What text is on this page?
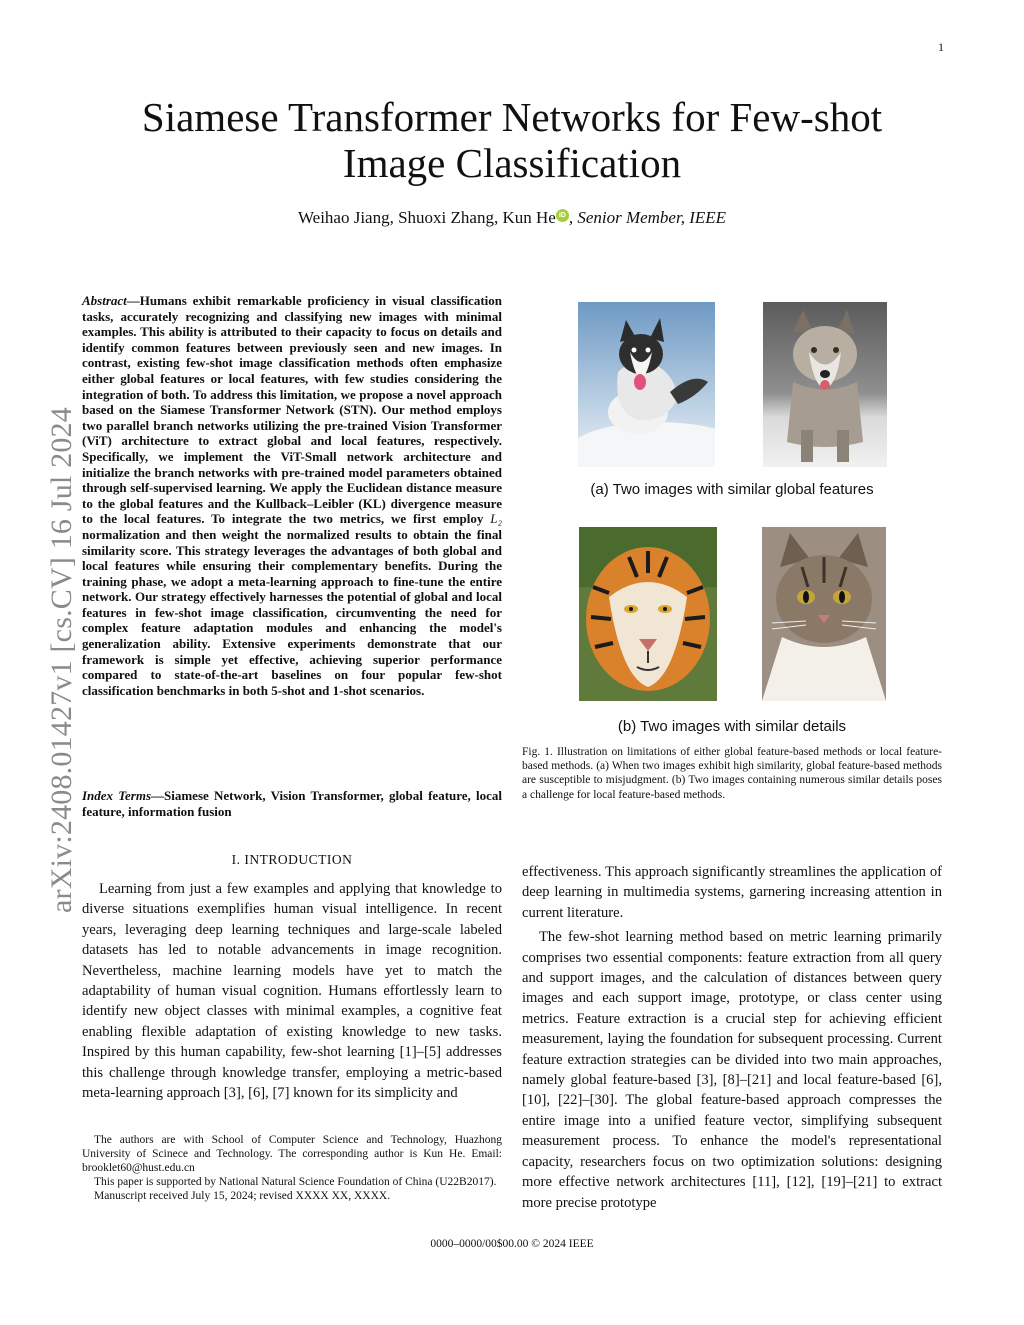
1
arXiv:2408.01427v1 [cs.CV] 16 Jul 2024
Siamese Transformer Networks for Few-shot
Image Classification
Weihao Jiang, Shuoxi Zhang, Kun He iD , Senior Member, IEEE
Abstract—Humans exhibit remarkable proficiency in visual classification tasks, accurately recognizing and classifying new images with minimal examples. This ability is attributed to their capacity to focus on details and identify common features between previously seen and new images. In contrast, existing few-shot image classification methods often emphasize either global features or local features, with few studies considering the integration of both. To address this limitation, we propose a novel approach based on the Siamese Transformer Network (STN). Our method employs two parallel branch networks utilizing the pre-trained Vision Transformer (ViT) architecture to extract global and local features, respectively. Specifically, we implement the ViT-Small network architecture and initialize the branch networks with pre-trained model parameters obtained through self-supervised learning. We apply the Euclidean distance measure to the global features and the Kullback–Leibler (KL) divergence measure to the local features. To integrate the two metrics, we first employ L₂ normalization and then weight the normalized results to obtain the final similarity score. This strategy leverages the advantages of both global and local features while ensuring their complementary benefits. During the training phase, we adopt a meta-learning approach to fine-tune the entire network. Our strategy effectively harnesses the potential of global and local features in few-shot image classification, circumventing the need for complex feature adaptation modules and enhancing the model's generalization ability. Extensive experiments demonstrate that our framework is simple yet effective, achieving superior performance compared to state-of-the-art baselines on four popular few-shot classification benchmarks in both 5-shot and 1-shot scenarios.
Index Terms—Siamese Network, Vision Transformer, global feature, local feature, information fusion
I. INTRODUCTION

Learning from just a few examples and applying that knowledge to diverse situations exemplifies human visual intelligence. In recent years, leveraging deep learning techniques and large-scale labeled datasets has led to notable advancements in image recognition. Nevertheless, machine learning models have yet to match the adaptability of human visual cognition. Humans effortlessly learn to identify new object classes with minimal examples, a cognitive feat enabling flexible adaptation of existing knowledge to new tasks. Inspired by this human capability, few-shot learning [1]–[5] addresses this challenge through knowledge transfer, employing a metric-based meta-learning approach [3], [6], [7] known for its simplicity and

The authors are with School of Computer Science and Technology, Huazhong University of Scinece and Technology. The corresponding author is Kun He. Email: brooklet60@hust.edu.cn

This paper is supported by National Natural Science Foundation of China (U22B2017).

Manuscript received July 15, 2024; revised XXXX XX, XXXX.

(a) Two images with similar global features
(b) Two images with similar details
Fig. 1. Illustration on limitations of either global feature-based methods or local feature-based methods. (a) When two images exhibit high similarity, global feature-based methods are susceptible to misjudgment. (b) Two images containing numerous similar details poses a challenge for local feature-based methods.

effectiveness. This approach significantly streamlines the application of deep learning in multimedia systems, garnering increasing attention in current literature.

The few-shot learning method based on metric learning primarily comprises two essential components: feature extraction from all query and support images, and the calculation of distances between query images and each support image, prototype, or class center using metrics. Feature extraction is a crucial step for achieving efficient measurement, laying the foundation for subsequent processing. Current feature extraction strategies can be divided into two main approaches, namely global feature-based [3], [8]–[21] and local feature-based [6], [10], [22]–[30]. The global feature-based approach compresses the entire image into a unified feature vector, simplifying subsequent measurement process. To enhance the model's representational capacity, researchers focus on two optimization solutions: designing more effective network architectures [11], [12], [19]–[21] to extract more precise prototype

0000–0000/00$00.00 © 2024 IEEE
